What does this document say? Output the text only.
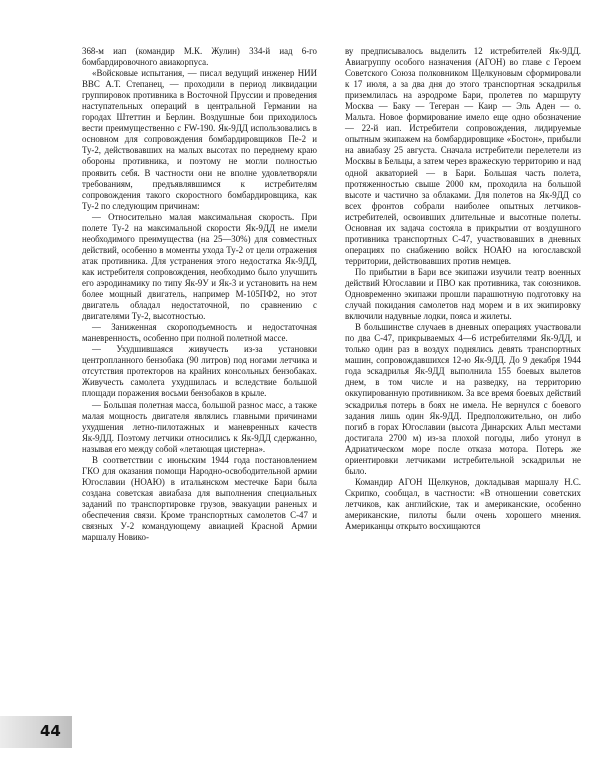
368-м иап (командир М.К. Жулин) 334-й иад 6-го бомбардировочного авиакорпуса.

«Войсковые испытания, — писал ведущий инженер НИИ ВВС А.Т. Степанец, — проходили в период ликвидации группировок противника в Восточной Пруссии и проведения наступательных операций в центральной Германии на городах Штеттин и Берлин. Воздушные бои приходилось вести преимущественно с FW-190. Як-9ДД использовались в основном для сопровождения бомбардировщиков Пе-2 и Ту-2, действовавших на малых высотах по переднему краю обороны противника, и поэтому не могли полностью проявить себя. В частности они не вполне удовлетворяли требованиям, предъявлявшимся к истребителям сопровождения такого скоростного бомбардировщика, как Ту-2 по следующим причинам:

— Относительно малая максимальная скорость. При полете Ту-2 на максимальной скорости Як-9ДД не имели необходимого преимущества (на 25—30%) для совместных действий, особенно в моменты ухода Ту-2 от цели отражения атак противника. Для устранения этого недостатка Як-9ДД, как истребителя сопровождения, необходимо было улучшить его аэродинамику по типу Як-9У и Як-3 и установить на нем более мощный двигатель, например М-105ПФ2, но этот двигатель обладал недостаточной, по сравнению с двигателями Ту-2, высотностью.

— Заниженная скороподъемность и недостаточная маневренность, особенно при полной полетной массе.

— Ухудшившаяся живучесть из-за установки центропланного бензобака (90 литров) под ногами летчика и отсутствия протекторов на крайних консольных бензобаках. Живучесть самолета ухудшилась и вследствие большой площади поражения восьми бензобаков в крыле.

— Большая полетная масса, большой разнос масс, а также малая мощность двигателя являлись главными причинами ухудшения летно-пилотажных и маневренных качеств Як-9ДД. Поэтому летчики относились к Як-9ДД сдержанно, называя его между собой «летающая цистерна».

В соответствии с июньским 1944 года постановлением ГКО для оказания помощи Народно-освободительной армии Югославии (НОАЮ) в итальянском местечке Бари была создана советская авиабаза для выполнения специальных заданий по транспортировке грузов, эвакуации раненых и обеспечения связи. Кроме транспортных самолетов С-47 и связных У-2 командующему авиацией Красной Армии маршалу Новико-

ву предписывалось выделить 12 истребителей Як-9ДД. Авиагруппу особого назначения (АГОН) во главе с Героем Советского Союза полковником Щелкуновым сформировали к 17 июля, а за два дня до этого транспортная эскадрилья приземлилась на аэродроме Бари, пролетев по маршруту Москва — Баку — Тегеран — Каир — Эль Аден — о. Мальта. Новое формирование имело еще одно обозначение — 22-й иап. Истребители сопровождения, лидируемые опытным экипажем на бомбардировщике «Бостон», прибыли на авиабазу 25 августа. Сначала истребители перелетели из Москвы в Бельцы, а затем через вражескую территорию и над одной акваторией — в Бари. Большая часть полета, протяженностью свыше 2000 км, проходила на большой высоте и частично за облаками. Для полетов на Як-9ДД со всех фронтов собрали наиболее опытных летчиков-истребителей, освоивших длительные и высотные полеты. Основная их задача состояла в прикрытии от воздушного противника транспортных С-47, участвовавших в дневных операциях по снабжению войск НОАЮ на югославской территории, действовавших против немцев.

По прибытии в Бари все экипажи изучили театр военных действий Югославии и ПВО как противника, так союзников. Одновременно экипажи прошли парашютную подготовку на случай покидания самолетов над морем и в их экипировку включили надувные лодки, пояса и жилеты.

В большинстве случаев в дневных операциях участвовали по два С-47, прикрываемых 4—6 истребителями Як-9ДД, и только один раз в воздух поднялись девять транспортных машин, сопровождавшихся 12-ю Як-9ДД. До 9 декабря 1944 года эскадрилья Як-9ДД выполнила 155 боевых вылетов днем, в том числе и на разведку, на территорию оккупированную противником. За все время боевых действий эскадрилья потерь в боях не имела. Не вернулся с боевого задания лишь один Як-9ДД. Предположительно, он либо погиб в горах Югославии (высота Динарских Альп местами достигала 2700 м) из-за плохой погоды, либо утонул в Адриатическом море после отказа мотора. Потерь же ориентировки летчиками истребительной эскадрильи не было.

Командир АГОН Щелкунов, докладывая маршалу Н.С. Скрипко, сообщал, в частности: «В отношении советских летчиков, как английские, так и американские, особенно американские, пилоты были очень хорошего мнения. Американцы открыто восхищаются

44
